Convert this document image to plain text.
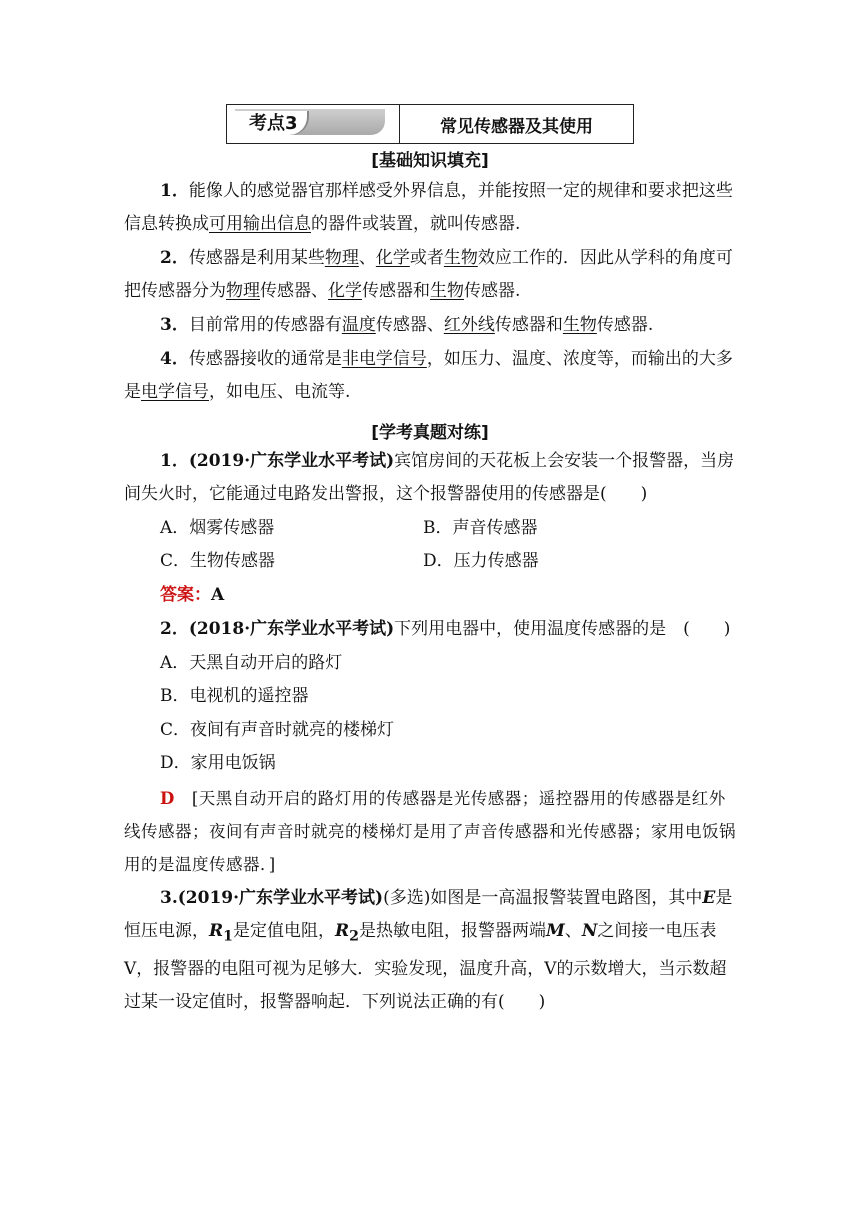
考点3	常见传感器及其使用
[基础知识填充]
1．能像人的感觉器官那样感受外界信息，并能按照一定的规律和要求把这些信息转换成可用输出信息的器件或装置，就叫传感器.
2．传感器是利用某些物理、化学或者生物效应工作的．因此从学科的角度可把传感器分为物理传感器、化学传感器和生物传感器.
3．目前常用的传感器有温度传感器、红外线传感器和生物传感器.
4．传感器接收的通常是非电学信号，如压力、温度、浓度等，而输出的大多是电学信号，如电压、电流等.
[学考真题对练]
1．(2019·广东学业水平考试)宾馆房间的天花板上会安装一个报警器，当房间失火时，它能通过电路发出警报，这个报警器使用的传感器是(　　)
A．烟雾传感器	B．声音传感器
C．生物传感器	D．压力传感器
答案：A
2．(2018·广东学业水平考试)下列用电器中，使用温度传感器的是　(　　)
A．天黑自动开启的路灯
B．电视机的遥控器
C．夜间有声音时就亮的楼梯灯
D．家用电饭锅
D　 [天黑自动开启的路灯用的传感器是光传感器；遥控器用的传感器是红外线传感器；夜间有声音时就亮的楼梯灯是用了声音传感器和光传感器；家用电饭锅用的是温度传感器．]
3.(2019·广东学业水平考试)(多选)如图是一高温报警装置电路图，其中E是恒压电源，$R_1$是定值电阻，$R_2$是热敏电阻，报警器两端M、N之间接一电压表V，报警器的电阻可视为足够大．实验发现，温度升高，V的示数增大，当示数超过某一设定值时，报警器响起．下列说法正确的有(　　)
